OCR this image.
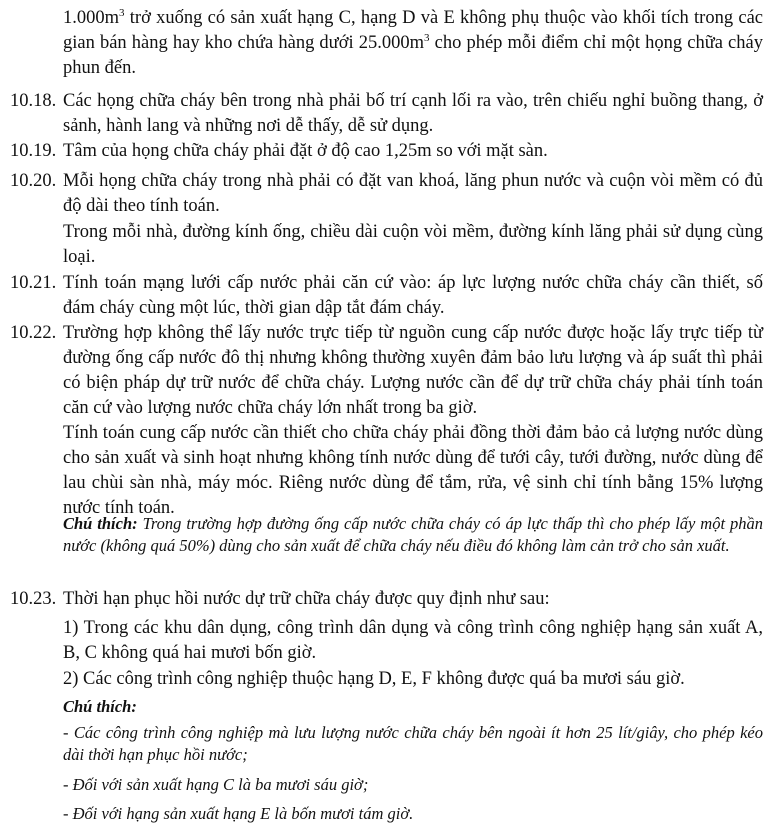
$1.000m^3$ trở xuống có sản xuất hạng C, hạng D và E không phụ thuộc vào khối tích trong các gian bán hàng hay kho chứa hàng dưới $25.000m^3$ cho phép mỗi điểm chỉ một họng chữa cháy phun đến.
10.18. Các họng chữa cháy bên trong nhà phải bố trí cạnh lối ra vào, trên chiếu nghỉ buồng thang, ở sảnh, hành lang và những nơi dễ thấy, dễ sử dụng.
10.19. Tâm của họng chữa cháy phải đặt ở độ cao 1,25m so với mặt sàn.
10.20. Mỗi họng chữa cháy trong nhà phải có đặt van khoá, lăng phun nước và cuộn vòi mềm có đủ độ dài theo tính toán.
Trong mỗi nhà, đường kính ống, chiều dài cuộn vòi mềm, đường kính lăng phải sử dụng cùng loại.
10.21. Tính toán mạng lưới cấp nước phải căn cứ vào: áp lực lượng nước chữa cháy cần thiết, số đám cháy cùng một lúc, thời gian dập tắt đám cháy.
10.22. Trường hợp không thể lấy nước trực tiếp từ nguồn cung cấp nước được hoặc lấy trực tiếp từ đường ống cấp nước đô thị nhưng không thường xuyên đảm bảo lưu lượng và áp suất thì phải có biện pháp dự trữ nước để chữa cháy. Lượng nước cần để dự trữ chữa cháy phải tính toán căn cứ vào lượng nước chữa cháy lớn nhất trong ba giờ.
Tính toán cung cấp nước cần thiết cho chữa cháy phải đồng thời đảm bảo cả lượng nước dùng cho sản xuất và sinh hoạt nhưng không tính nước dùng để tưới cây, tưới đường, nước dùng để lau chùi sàn nhà, máy móc. Riêng nước dùng để tắm, rửa, vệ sinh chỉ tính bằng 15% lượng nước tính toán.
Chú thích: Trong trường hợp đường ống cấp nước chữa cháy có áp lực thấp thì cho phép lấy một phần nước (không quá 50%) dùng cho sản xuất để chữa cháy nếu điều đó không làm cản trở cho sản xuất.
10.23. Thời hạn phục hồi nước dự trữ chữa cháy được quy định như sau:
1) Trong các khu dân dụng, công trình dân dụng và công trình công nghiệp hạng sản xuất A, B, C không quá hai mươi bốn giờ.
2) Các công trình công nghiệp thuộc hạng D, E, F không được quá ba mươi sáu giờ.
Chú thích:
- Các công trình công nghiệp mà lưu lượng nước chữa cháy bên ngoài ít hơn 25 lít/giây, cho phép kéo dài thời hạn phục hồi nước;
- Đối với sản xuất hạng C là ba mươi sáu giờ;
- Đối với hạng sản xuất hạng E là bốn mươi tám giờ.
